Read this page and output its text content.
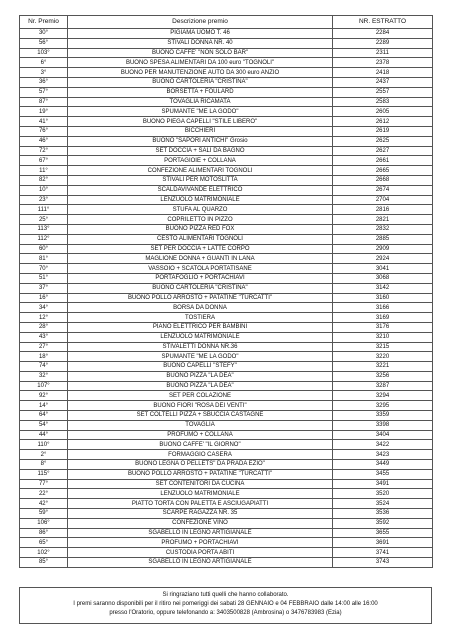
Nr. Premio	Descrizione premio	NR. ESTRATTO
30°	PIGIAMA UOMO T. 46	2284
56°	STIVALI DONNA NR. 40	2289
103°	BUONO CAFFE' "NON SOLO BAR"	2311
6°	BUONO SPESA ALIMENTARI DA 100 euro "TOGNOLI"	2378
3°	BUONO PER MANUTENZIONE AUTO DA 300 euro ANZIO	2418
36°	BUONO CARTOLERIA "CRISTINA"	2437
57°	BORSETTA + FOULARD	2557
87°	TOVAGLIA RICAMATA	2583
19°	SPUMANTE "ME LA GODO"	2605
41°	BUONO PIEGA CAPELLI "STILE LIBERO"	2612
76°	BICCHIERI	2619
46°	BUONO "SAPORI ANTICHI" Grosio	2625
72°	SET DOCCIA + SALI DA BAGNO	2627
67°	PORTAGIOIE + COLLANA	2661
11°	CONFEZIONE ALIMENTARI TOGNOLI	2665
82°	STIVALI PER MOTOSLITTA	2668
10°	SCALDAVIVANDE ELETTRICO	2674
23°	LENZUOLO MATRIMONIALE	2704
111°	STUFA AL QUARZO	2816
25°	COPRILETTO IN PIZZO	2821
113°	BUONO PIZZA RED FOX	2832
112°	CESTO ALIMENTARI TOGNOLI	2885
60°	SET PER DOCCIA + LATTE CORPO	2909
81°	MAGLIONE DONNA + GUANTI IN LANA	2924
70°	VASSOIO + SCATOLA PORTATISANE	3041
51°	PORTAFOGLIO + PORTACHIAVI	3068
37°	BUONO CARTOLERIA "CRISTINA"	3142
16°	BUONO POLLO ARROSTO + PATATINE "TURCATTI"	3160
34°	BORSA DA DONNA	3166
12°	TOSTIERA	3169
28°	PIANO ELETTRICO PER BAMBINI	3176
43°	LENZUOLO MATRIMONIALE	3210
27°	STIVALETTI DONNA NR.36	3215
18°	SPUMANTE "ME LA GODO"	3220
74°	BUONO CAPELLI "STEFY"	3221
32°	BUONO PIZZA "LA DEA"	3256
107°	BUONO PIZZA "LA DEA"	3287
92°	SET PER COLAZIONE	3294
14°	BUONO FIORI "ROSA DEI VENTI"	3295
64°	SET COLTELLI PIZZA + SBUCCIA CASTAGNE	3359
54°	TOVAGLIA	3398
44°	PROFUMO + COLLANA	3404
110°	BUONO CAFFE' "IL GIORNO"	3422
2°	FORMAGGIO CASERA	3423
8°	BUONO LEGNA O PELLETS" DA PRADA EZIO"	3449
115°	BUONO POLLO ARROSTO + PATATINE "TURCATTI"	3455
77°	SET CONTENITORI DA CUCINA	3491
22°	LENZUOLO MATRIMONIALE	3520
42°	PIATTO TORTA CON PALETTA E ASCIUGAPIATTI	3524
59°	SCARPE RAGAZZA NR. 35	3536
106°	CONFEZIONE VINO	3592
86°	SGABELLO IN LEGNO ARTIGIANALE	3655
65°	PROFUMO + PORTACHIAVI	3691
102°	CUSTODIA PORTA ABITI	3741
85°	SGABELLO IN LEGNO ARTIGIANALE	3743
Si ringraziano tutti quelli che hanno collaborato.
I premi saranno disponibili per il ritiro nei pomeriggi dei sabati 28 GENNAIO e 04 FEBBRAIO dalle 14:00 alle 16:00
presso l'Oratorio, oppure telefonando a: 3403500828 (Ambrosina) o 3476783983 (Ezia)
